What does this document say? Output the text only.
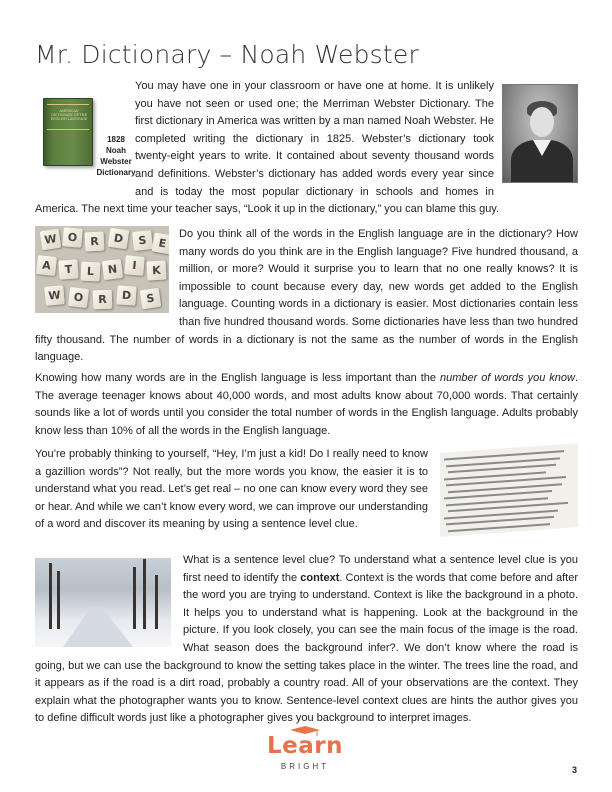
Mr. Dictionary – Noah Webster
AMERICAN DICTIONARY OF THE ENGLISH LANGUAGE
1828
Noah Webster
Dictionary
You may have one in your classroom or have one at home. It is unlikely you have not seen or used one; the Merriman Webster Dictionary. The first dictionary in America was written by a man named Noah Webster. He completed writing the dictionary in 1825. Webster’s dictionary took twenty-eight years to write. It contained about seventy thousand words and definitions. Webster’s dictionary has added words every year since and is today the most popular dictionary in schools and homes in America. The next time your teacher says, “Look it up in the dictionary,” you can blame this guy.
W O	R	D	S E
A	T	L	N	I	K
W	O	R	D	S
Do you think all of the words in the English language are in the dictionary? How many words do you think are in the English language? Five hundred thousand, a million, or more? Would it surprise you to learn that no one really knows? It is impossible to count because every day, new words get added to the English language. Counting words in a dictionary is easier. Most dictionaries contain less than five hundred thousand words. Some dictionaries have less than two hundred fifty thousand. The number of words in a dictionary is not the same as the number of words in the English language.
Knowing how many words are in the English language is less important than the number of words you know. The average teenager knows about 40,000 words, and most adults know about 70,000 words. That certainly sounds like a lot of words until you consider the total number of words in the English language. Adults probably know less than 10% of all the words in the English language.
You’re probably thinking to yourself, “Hey, I’m just a kid! Do I really need to know a gazillion words”? Not really, but the more words you know, the easier it is to understand what you read. Let’s get real – no one can know every word they see or hear. And while we can’t know every word, we can improve our understanding of a word and discover its meaning by using a sentence level clue.
What is a sentence level clue? To understand what a sentence level clue is you first need to identify the context. Context is the words that come before and after the word you are trying to understand. Context is like the background in a photo. It helps you to understand what is happening. Look at the background in the picture. If you look closely, you can see the main focus of the image is the road. What season does the background infer?. We don’t know where the road is going, but we can use the background to know the setting takes place in the winter. The trees line the road, and it appears as if the road is a dirt road, probably a country road. All of your observations are the context. They explain what the photographer wants you to know. Sentence-level context clues are hints the author gives you to define difficult words just like a photographer gives you background to interpret images.
Learn
BRIGHT	3
